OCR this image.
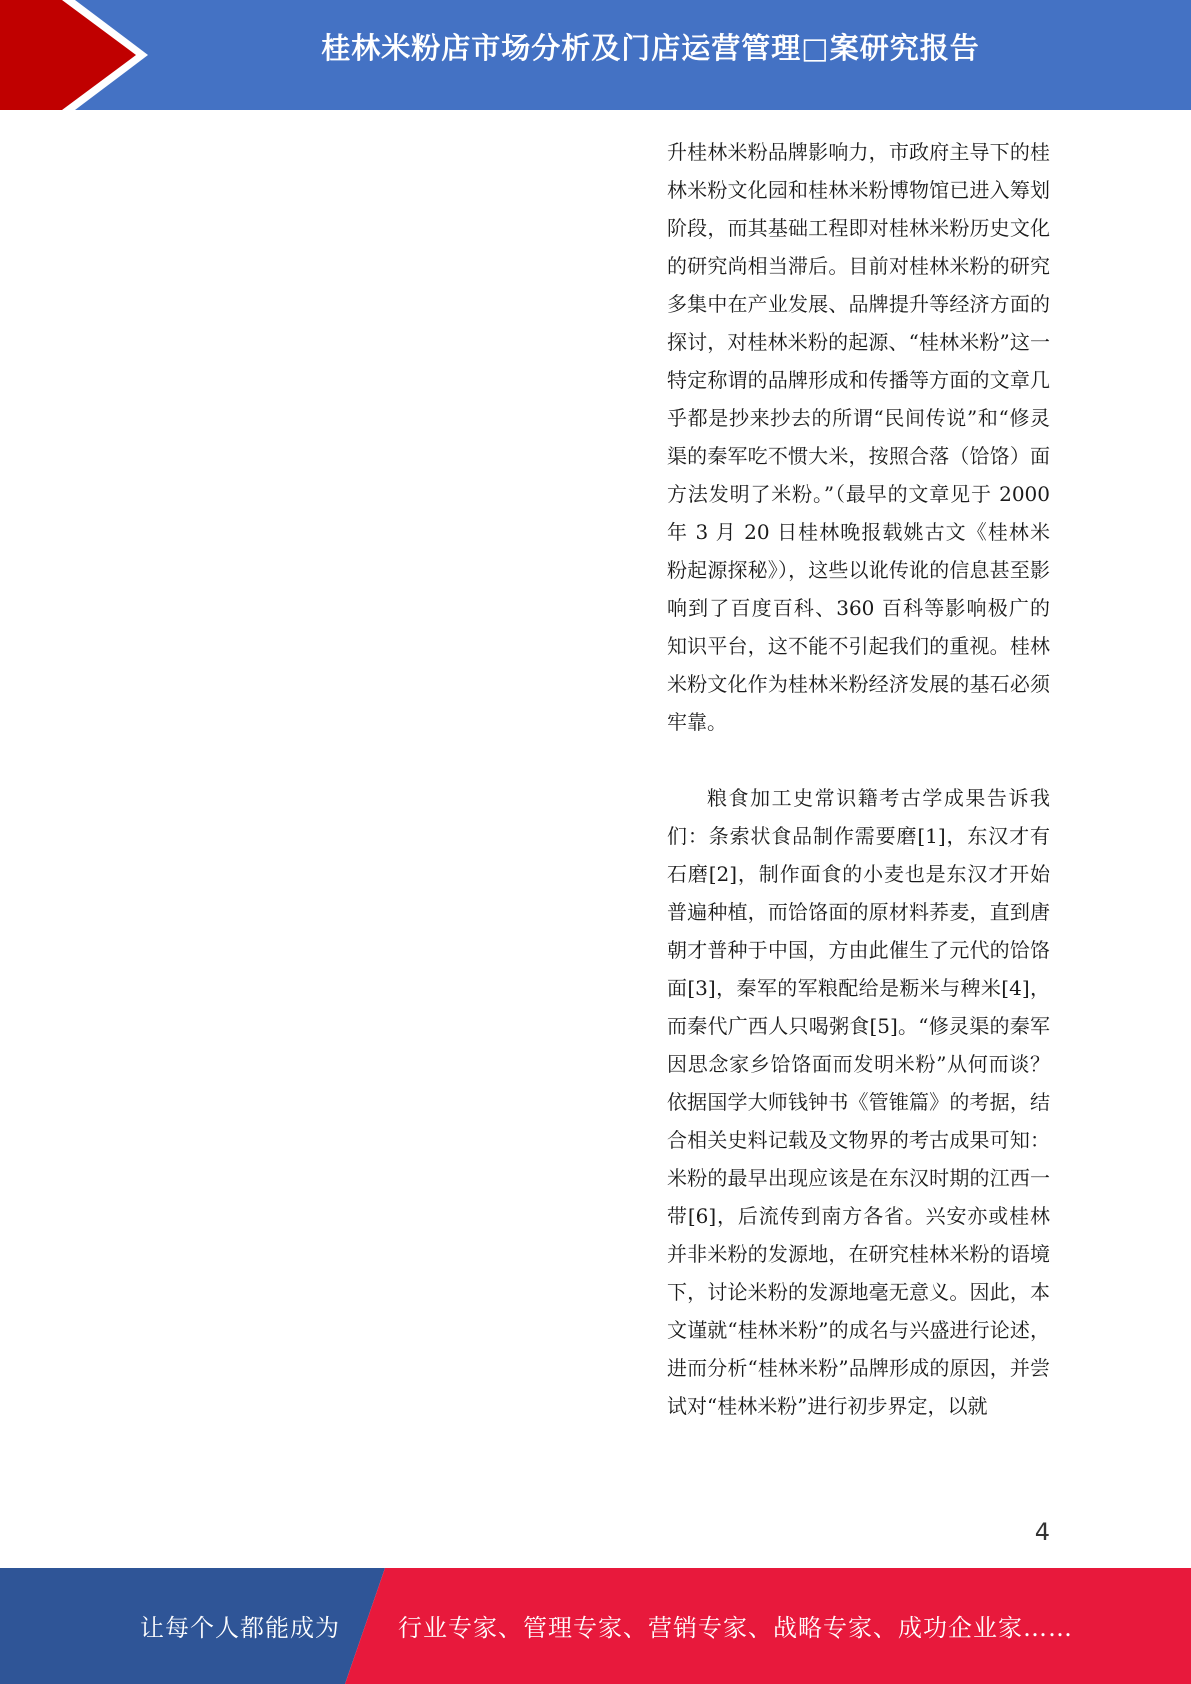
桂林米粉店市场分析及门店运营管理□案研究报告

升桂林米粉品牌影响力，市政府主导下的桂林米粉文化园和桂林米粉博物馆已进入筹划阶段，而其基础工程即对桂林米粉历史文化的研究尚相当滞后。目前对桂林米粉的研究多集中在产业发展、品牌提升等经济方面的探讨，对桂林米粉的起源、“桂林米粉”这一特定称谓的品牌形成和传播等方面的文章几乎都是抄来抄去的所谓“民间传说”和“修灵渠的秦军吃不惯大米，按照合落（饸饹）面方法发明了米粉。”（最早的文章见于 2000 年 3 月 20 日桂林晚报载姚古文《桂林米粉起源探秘》），这些以讹传讹的信息甚至影响到了百度百科、360 百科等影响极广的知识平台，这不能不引起我们的重视。桂林米粉文化作为桂林米粉经济发展的基石必须牢靠。

粮食加工史常识籍考古学成果告诉我们：条索状食品制作需要磨[1]，东汉才有石磨[2]，制作面食的小麦也是东汉才开始普遍种植，而饸饹面的原材料荞麦，直到唐朝才普种于中国，方由此催生了元代的饸饹面[3]，秦军的军粮配给是粝米与稗米[4]，而秦代广西人只喝粥食[5]。“修灵渠的秦军因思念家乡饸饹面而发明米粉”从何而谈？依据国学大师钱钟书《管锥篇》的考据，结合相关史料记载及文物界的考古成果可知：米粉的最早出现应该是在东汉时期的江西一带[6]，后流传到南方各省。兴安亦或桂林并非米粉的发源地，在研究桂林米粉的语境下，讨论米粉的发源地毫无意义。因此，本文谨就“桂林米粉”的成名与兴盛进行论述，进而分析“桂林米粉”品牌形成的原因，并尝试对“桂林米粉”进行初步界定，以就

4
让每个人都能成为 行业专家、管理专家、营销专家、战略专家、成功企业家……
